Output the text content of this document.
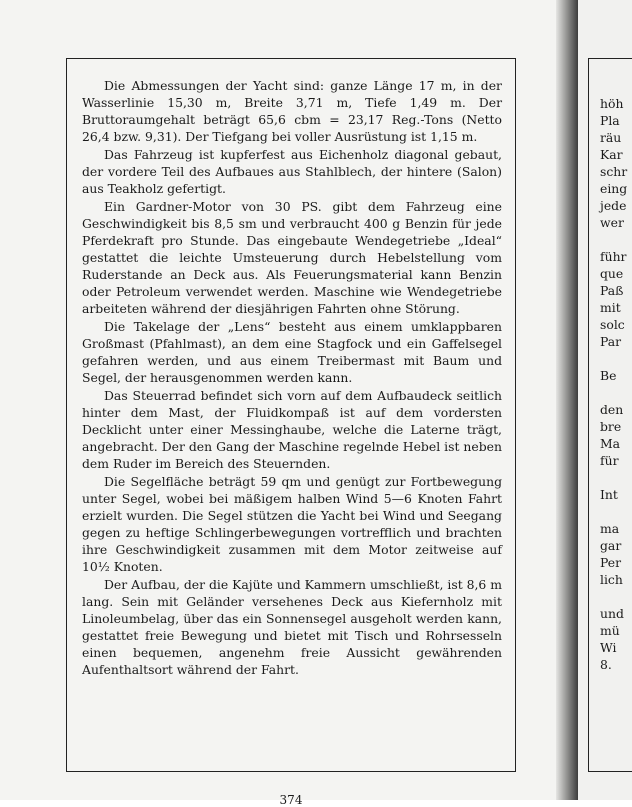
Die Abmessungen der Yacht sind: ganze Länge 17 m, in der Wasserlinie 15,30 m, Breite 3,71 m, Tiefe 1,49 m. Der Bruttoraumgehalt beträgt 65,6 cbm = 23,17 Reg.-Tons (Netto 26,4 bzw. 9,31). Der Tiefgang bei voller Ausrüstung ist 1,15 m.

Das Fahrzeug ist kupferfest aus Eichenholz diagonal gebaut, der vordere Teil des Aufbaues aus Stahlblech, der hintere (Salon) aus Teakholz gefertigt.

Ein Gardner-Motor von 30 PS. gibt dem Fahrzeug eine Geschwindigkeit bis 8,5 sm und verbraucht 400 g Benzin für jede Pferdekraft pro Stunde. Das eingebaute Wendegetriebe „Ideal“ gestattet die leichte Umsteuerung durch Hebelstellung vom Ruderstande an Deck aus. Als Feuerungsmaterial kann Benzin oder Petroleum verwendet werden. Maschine wie Wendegetriebe arbeiteten während der diesjährigen Fahrten ohne Störung.

Die Takelage der „Lens“ besteht aus einem umklappbaren Großmast (Pfahlmast), an dem eine Stagfock und ein Gaffelsegel gefahren werden, und aus einem Treibermast mit Baum und Segel, der herausgenommen werden kann.

Das Steuerrad befindet sich vorn auf dem Aufbaudeck seitlich hinter dem Mast, der Fluidkompaß ist auf dem vordersten Decklicht unter einer Messinghaube, welche die Laterne trägt, angebracht. Der den Gang der Maschine regelnde Hebel ist neben dem Ruder im Bereich des Steuernden.

Die Segelfläche beträgt 59 qm und genügt zur Fortbewegung unter Segel, wobei bei mäßigem halben Wind 5—6 Knoten Fahrt erzielt wurden. Die Segel stützen die Yacht bei Wind und Seegang gegen zu heftige Schlingerbewegungen vortrefflich und brachten ihre Geschwindigkeit zusammen mit dem Motor zeitweise auf 10½ Knoten.

Der Aufbau, der die Kajüte und Kammern umschließt, ist 8,6 m lang. Sein mit Geländer versehenes Deck aus Kiefernholz mit Linoleumbelag, über das ein Sonnensegel ausgeholt werden kann, gestattet freie Bewegung und bietet mit Tisch und Rohrsesseln einen bequemen, angenehm freie Aussicht gewährenden Aufenthaltsort während der Fahrt.

374
höh
Pla
räu
Kar
schr
eing
jede
wer
führ
que
Paß
mit
solc
Par
Be
den
bre
Ma
für
Int
ma
gar
Per
lich
und
mü
Wi
8.
